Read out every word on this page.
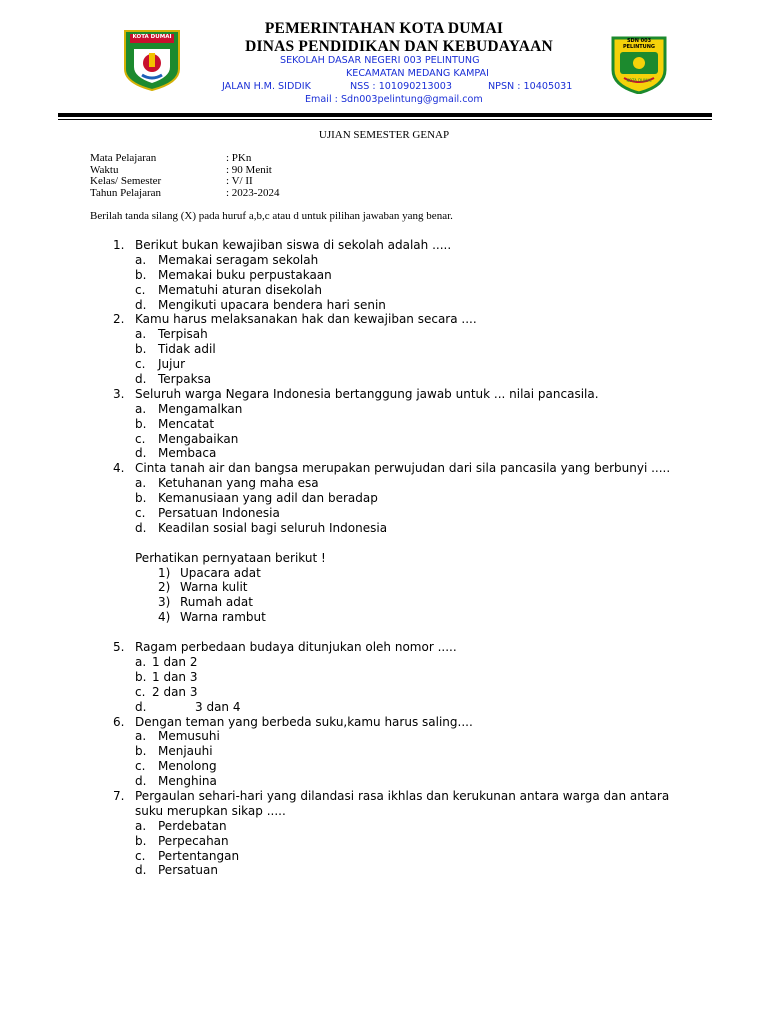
KOTA DUMAI
SDN 003
PELINTUNG
KOTA DUMAI
PEMERINTAHAN KOTA DUMAI
DINAS PENDIDIKAN DAN KEBUDAYAAN
SEKOLAH DASAR NEGERI 003 PELINTUNG
KECAMATAN MEDANG KAMPAI
JALAN H.M. SIDDIK	NSS : 101090213003	NPSN : 10405031
Email : Sdn003pelintung@gmail.com
UJIAN SEMESTER GENAP
Mata Pelajaran	: PKn
Waktu	: 90 Menit
Kelas/ Semester	: V/ II
Tahun Pelajaran	: 2023-2024
Berilah tanda silang (X) pada huruf a,b,c atau d untuk pilihan jawaban yang benar.
1. Berikut bukan kewajiban siswa di sekolah adalah .....
a. Memakai seragam sekolah
b. Memakai buku perpustakaan
c. Mematuhi aturan disekolah
d. Mengikuti upacara bendera hari senin
2. Kamu harus melaksanakan hak dan kewajiban secara ....
a. Terpisah
b. Tidak adil
c. Jujur
d. Terpaksa
3. Seluruh warga Negara Indonesia bertanggung jawab untuk ... nilai pancasila.
a. Mengamalkan
b. Mencatat
c. Mengabaikan
d. Membaca
4. Cinta tanah air dan bangsa merupakan perwujudan dari sila pancasila yang berbunyi .....
a. Ketuhanan yang maha esa
b. Kemanusiaan yang adil dan beradap
c. Persatuan Indonesia
d. Keadilan sosial bagi seluruh Indonesia
Perhatikan pernyataan berikut !
1) Upacara adat
2) Warna kulit
3) Rumah adat
4) Warna rambut
5. Ragam perbedaan budaya ditunjukan oleh nomor .....
a. 1 dan 2
b. 1 dan 3
c. 2 dan 3
d.	3 dan 4
6. Dengan teman yang berbeda suku,kamu harus saling....
a. Memusuhi
b. Menjauhi
c. Menolong
d. Menghina
7. Pergaulan sehari-hari yang dilandasi rasa ikhlas dan kerukunan antara warga dan antara
suku merupkan sikap .....
a. Perdebatan
b. Perpecahan
c. Pertentangan
d. Persatuan
